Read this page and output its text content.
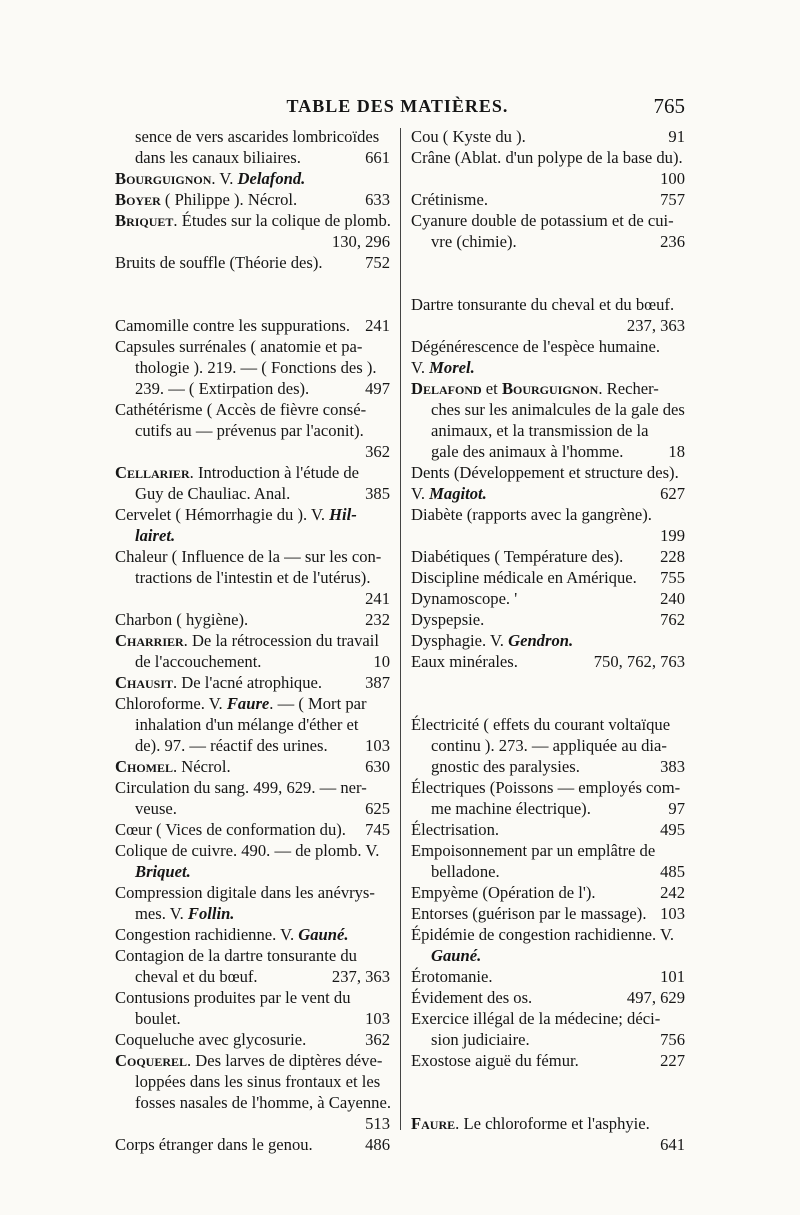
TABLE DES MATIÈRES.	765
sence de vers ascarides lombricoïdes
dans les canaux biliaires.	661
Bourguignon. V. Delafond.
Boyer ( Philippe ). Nécrol.	633
Briquet. Études sur la colique de plomb.
130, 296
Bruits de souffle (Théorie des).	752
Camomille contre les suppurations. 241
Capsules surrénales ( anatomie et pa-
thologie ). 219. — ( Fonctions des ).
239. — ( Extirpation des).	497
Cathétérisme ( Accès de fièvre consé-
cutifs au — prévenus par l'aconit).
362
Cellarier. Introduction à l'étude de
Guy de Chauliac. Anal.	385
Cervelet ( Hémorrhagie du ). V. Hil-
lairet.
Chaleur ( Influence de la — sur les con-
tractions de l'intestin et de l'utérus).
241
Charbon ( hygiène).	232
Charrier. De la rétrocession du travail
de l'accouchement.	10
Chausit. De l'acné atrophique.	387
Chloroforme. V. Faure. — ( Mort par
inhalation d'un mélange d'éther et
de). 97. — réactif des urines. 103
Chomel. Nécrol.	630
Circulation du sang. 499, 629. — ner-
veuse.	625
Cœur ( Vices de conformation du). 745
Colique de cuivre. 490. — de plomb. V.
Briquet.
Compression digitale dans les anévrys-
mes. V. Follin.
Congestion rachidienne. V. Gauné.
Contagion de la dartre tonsurante du
cheval et du bœuf.	237, 363
Contusions produites par le vent du
boulet.	103
Coqueluche avec glycosurie.	362
Coquerel. Des larves de diptères déve-
loppées dans les sinus frontaux et les
fosses nasales de l'homme, à Cayenne.
513
Corps étranger dans le genou.	486
Cou ( Kyste du ).	91
Crâne (Ablat. d'un polype de la base du).
100
Crétinisme.	757
Cyanure double de potassium et de cui-
vre (chimie).	236
Dartre tonsurante du cheval et du bœuf.
237, 363
Dégénérescence de l'espèce humaine.
V. Morel.
Delafond et Bourguignon. Recher-
ches sur les animalcules de la gale des
animaux, et la transmission de la
gale des animaux à l'homme.	18
Dents (Développement et structure des).
V. Magitot.	627
Diabète (rapports avec la gangrène).
199
Diabétiques ( Température des). 228
Discipline médicale en Amérique. 755
Dynamoscope. '	240
Dyspepsie.	762
Dysphagie. V. Gendron.
Eaux minérales.	750, 762, 763
Électricité ( effets du courant voltaïque
continu ). 273. — appliquée au dia-
gnostic des paralysies.	383
Électriques (Poissons — employés com-
me machine électrique).	97
Électrisation.	495
Empoisonnement par un emplâtre de
belladone.	485
Empyème (Opération de l').	242
Entorses (guérison par le massage). 103
Épidémie de congestion rachidienne. V.
Gauné.
Érotomanie.	101
Évidement des os.	497, 629
Exercice illégal de la médecine; déci-
sion judiciaire.	756
Exostose aiguë du fémur.	227
Faure. Le chloroforme et l'asphyie.
641
